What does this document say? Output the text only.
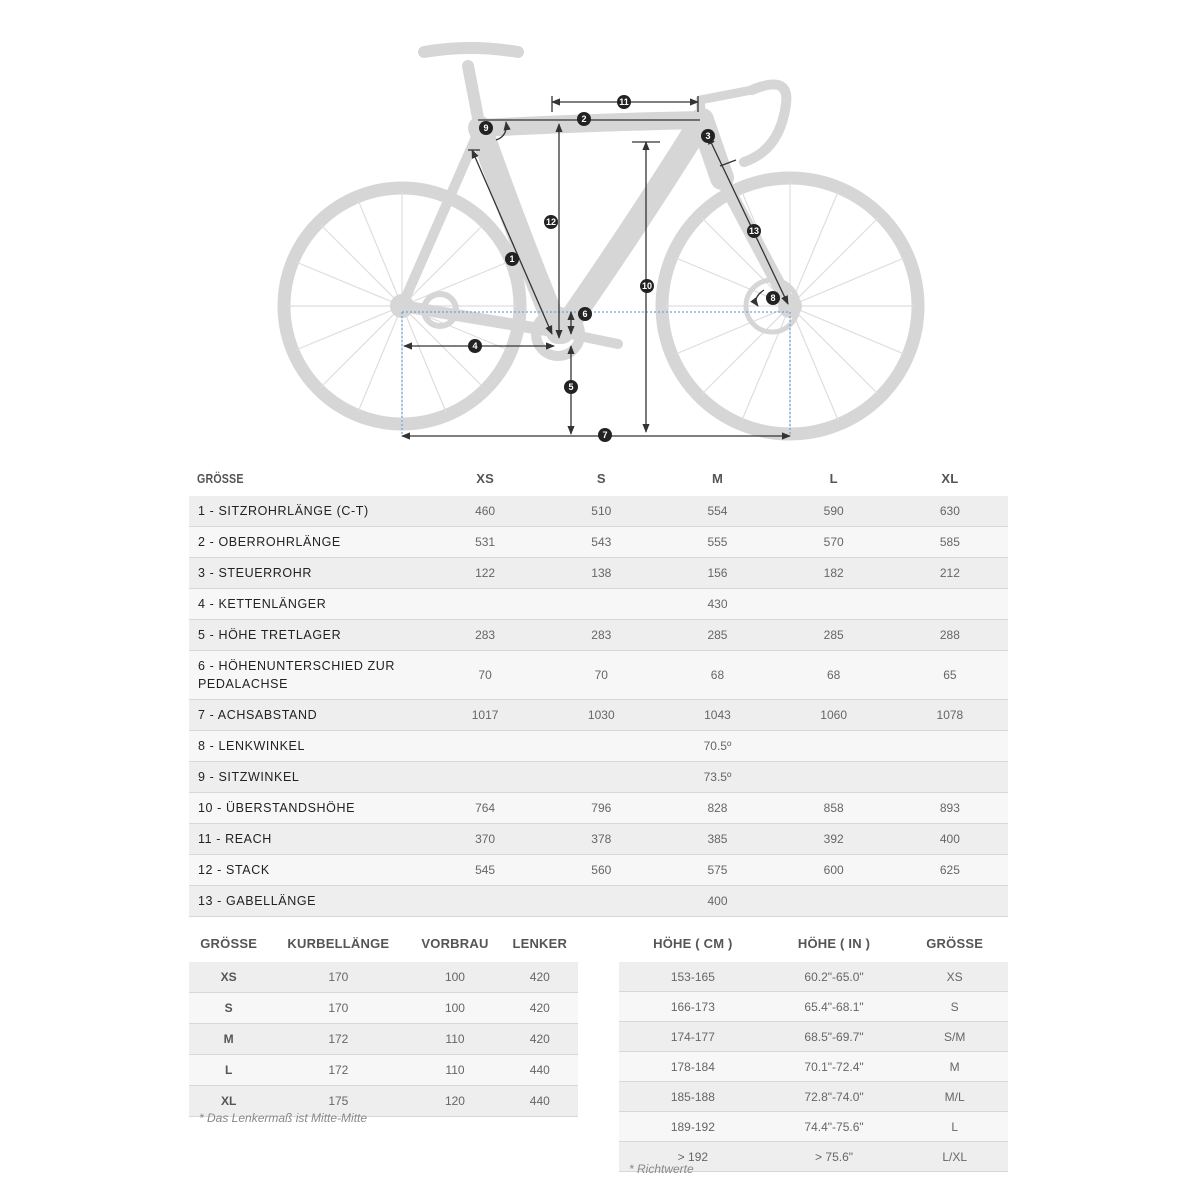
11
2
3
9
12
13
1
10
8
6
4
5
7
GRÖSSE	XS	S	M	L	XL
1 - SITZROHRLÄNGE (C-T)	460	510	554	590	630
2 - OBERROHRLÄNGE	531	543	555	570	585
3 - STEUERROHR	122	138	156	182	212
4 - KETTENLÄNGER	430				
5 - HÖHE TRETLAGER	283	283	285	285	288
6 - HÖHENUNTERSCHIED ZUR PEDALACHSE	70	70	68	68	65
7 - ACHSABSTAND	1017	1030	1043	1060	1078
8 - LENKWINKEL	70.5º				
9 - SITZWINKEL	73.5º				
10 - ÜBERSTANDSHÖHE	764	796	828	858	893
11 - REACH	370	378	385	392	400
12 - STACK	545	560	575	600	625
13 - GABELLÄNGE	400				
GRÖSSE	KURBELLÄNGE	VORBRAU	LENKER
XS	170	100	420
S	170	100	420
M	172	110	420
L	172	110	440
XL	175	120	440
* Das Lenkermaß ist Mitte-Mitte
HÖHE ( CM )	HÖHE ( IN )	GRÖSSE
153-165	60.2"-65.0"	XS
166-173	65.4"-68.1"	S
174-177	68.5"-69.7"	S/M
178-184	70.1"-72.4"	M
185-188	72.8"-74.0"	M/L
189-192	74.4"-75.6"	L
> 192	> 75.6"	L/XL
* Richtwerte
